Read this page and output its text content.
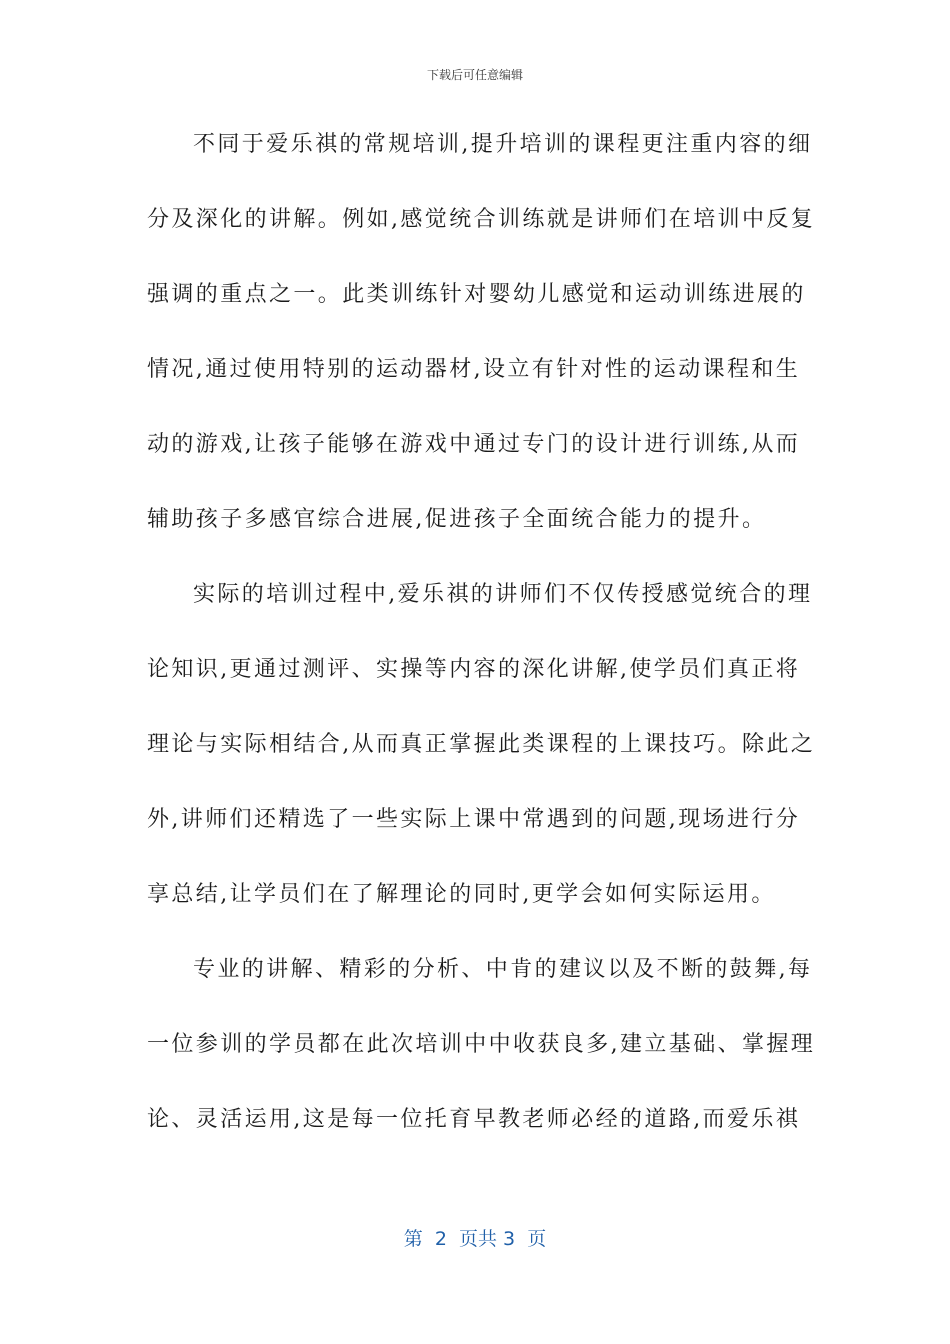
下载后可任意编辑
不同于爱乐祺的常规培训,提升培训的课程更注重内容的细
分及深化的讲解。例如,感觉统合训练就是讲师们在培训中反复
强调的重点之一。此类训练针对婴幼儿感觉和运动训练进展的
情况,通过使用特别的运动器材,设立有针对性的运动课程和生
动的游戏,让孩子能够在游戏中通过专门的设计进行训练,从而
辅助孩子多感官综合进展,促进孩子全面统合能力的提升。
实际的培训过程中,爱乐祺的讲师们不仅传授感觉统合的理
论知识,更通过测评、实操等内容的深化讲解,使学员们真正将
理论与实际相结合,从而真正掌握此类课程的上课技巧。除此之
外,讲师们还精选了一些实际上课中常遇到的问题,现场进行分
享总结,让学员们在了解理论的同时,更学会如何实际运用。
专业的讲解、精彩的分析、中肯的建议以及不断的鼓舞,每
一位参训的学员都在此次培训中中收获良多,建立基础、掌握理
论、灵活运用,这是每一位托育早教老师必经的道路,而爱乐祺
第  2  页共 3  页
